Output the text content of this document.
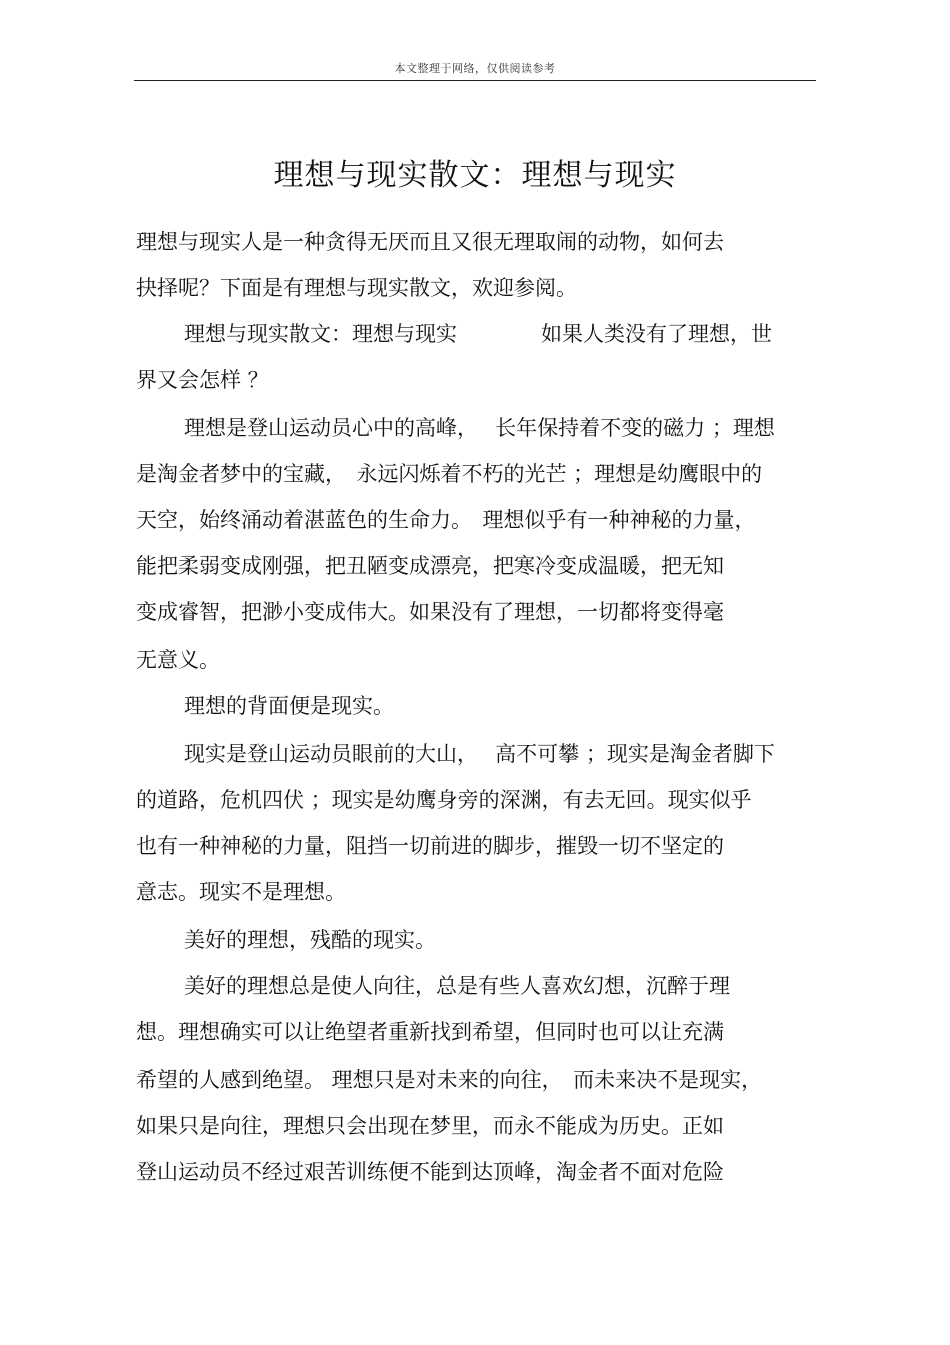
本文整理于网络，仅供阅读参考
理想与现实散文：理想与现实
理想与现实人是一种贪得无厌而且又很无理取闹的动物，如何去
抉择呢？下面是有理想与现实散文，欢迎参阅。
理想与现实散文：理想与现实　　　　如果人类没有了理想，世
界又会怎样 ？
理想是登山运动员心中的高峰，　 长年保持着不变的磁力 ；理想
是淘金者梦中的宝藏，　永远闪烁着不朽的光芒 ；理想是幼鹰眼中的
天空，始终涌动着湛蓝色的生命力。　理想似乎有一种神秘的力量，
能把柔弱变成刚强，把丑陋变成漂亮，把寒冷变成温暖，把无知
变成睿智，把渺小变成伟大。如果没有了理想，一切都将变得毫
无意义。
理想的背面便是现实。
现实是登山运动员眼前的大山，　 高不可攀 ；现实是淘金者脚下
的道路，危机四伏 ；现实是幼鹰身旁的深渊，有去无回。现实似乎
也有一种神秘的力量，阻挡一切前进的脚步，摧毁一切不坚定的
意志。现实不是理想。
美好的理想，残酷的现实。
美好的理想总是使人向往，总是有些人喜欢幻想，沉醉于理
想。理想确实可以让绝望者重新找到希望，但同时也可以让充满
希望的人感到绝望。 理想只是对未来的向往，　而未来决不是现实，
如果只是向往，理想只会出现在梦里，而永不能成为历史。正如
登山运动员不经过艰苦训练便不能到达顶峰，淘金者不面对危险
